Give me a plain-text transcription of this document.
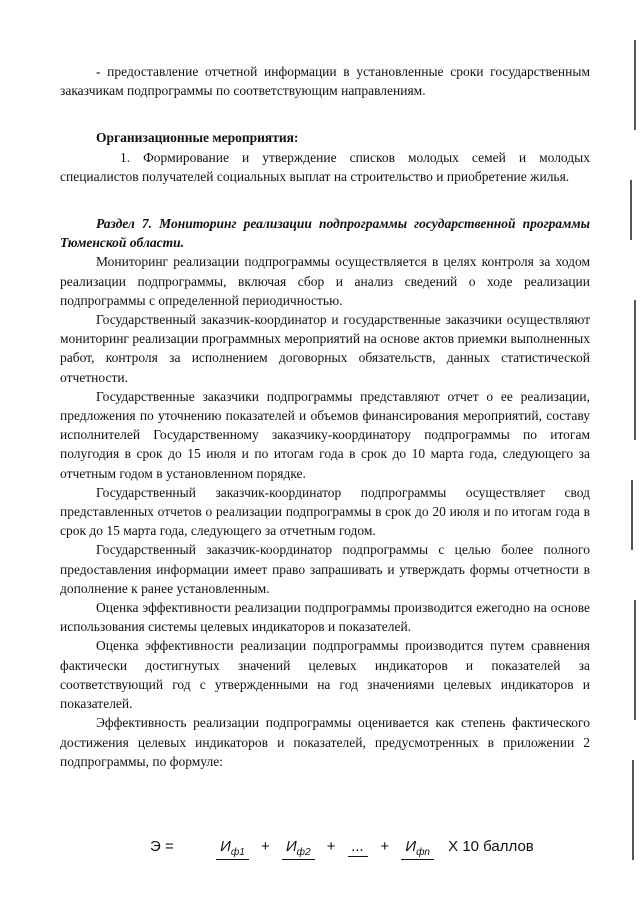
- предоставление отчетной информации в установленные сроки государственным заказчикам подпрограммы по соответствующим направлениям.

Организационные мероприятия:

1. Формирование и утверждение списков молодых семей и молодых специалистов получателей социальных выплат на строительство и приобретение жилья.

Раздел 7. Мониторинг реализации подпрограммы государственной программы Тюменской области.

Мониторинг реализации подпрограммы осуществляется в целях контроля за ходом реализации подпрограммы, включая сбор и анализ сведений о ходе реализации подпрограммы с определенной периодичностью.

Государственный заказчик-координатор и государственные заказчики осуществляют мониторинг реализации программных мероприятий на основе актов приемки выполненных работ, контроля за исполнением договорных обязательств, данных статистической отчетности.

Государственные заказчики подпрограммы представляют отчет о ее реализации, предложения по уточнению показателей и объемов финансирования мероприятий, составу исполнителей Государственному заказчику-координатору подпрограммы по итогам полугодия в срок до 15 июля и по итогам года в срок до 10 марта года, следующего за отчетным годом в установленном порядке.

Государственный заказчик-координатор подпрограммы осуществляет свод представленных отчетов о реализации подпрограммы в срок до 20 июля и по итогам года в срок до 15 марта года, следующего за отчетным годом.

Государственный заказчик-координатор подпрограммы с целью более полного предоставления информации имеет право запрашивать и утверждать формы отчетности в дополнение к ранее установленным.

Оценка эффективности реализации подпрограммы производится ежегодно на основе использования системы целевых индикаторов и показателей.

Оценка эффективности реализации подпрограммы производится путем сравнения фактически достигнутых значений целевых индикаторов и показателей за соответствующий год с утвержденными на год значениями целевых индикаторов и показателей.

Эффективность реализации подпрограммы оценивается как степень фактического достижения целевых индикаторов и показателей, предусмотренных в приложении 2 подпрограммы, по формуле:

Э =	$И_{ф1} + И_{ф2}$ + ... + $И_{фn}$ X 10 баллов
